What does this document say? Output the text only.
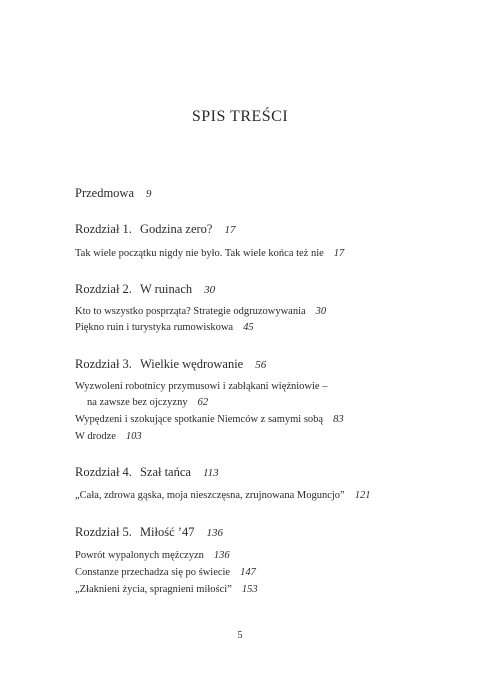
SPIS TREŚCI
Przedmowa 9
Rozdział 1. Godzina zero? 17
Tak wiele początku nigdy nie było. Tak wiele końca też nie 17
Rozdział 2. W ruinach 30
Kto to wszystko posprząta? Strategie odgruzowywania 30
Piękno ruin i turystyka rumowiskowa 45
Rozdział 3. Wielkie wędrowanie 56
Wyzwoleni robotnicy przymusowi i zabłąkani więźniowie –
na zawsze bez ojczyzny 62
Wypędzeni i szokujące spotkanie Niemców z samymi sobą 83
W drodze 103
Rozdział 4. Szał tańca 113
„Cała, zdrowa gąska, moja nieszczęsna, zrujnowana Moguncjo” 121
Rozdział 5. Miłość ’47 136
Powrót wypalonych mężczyzn 136
Constanze przechadza się po świecie 147
„Złaknieni życia, spragnieni miłości” 153
5
